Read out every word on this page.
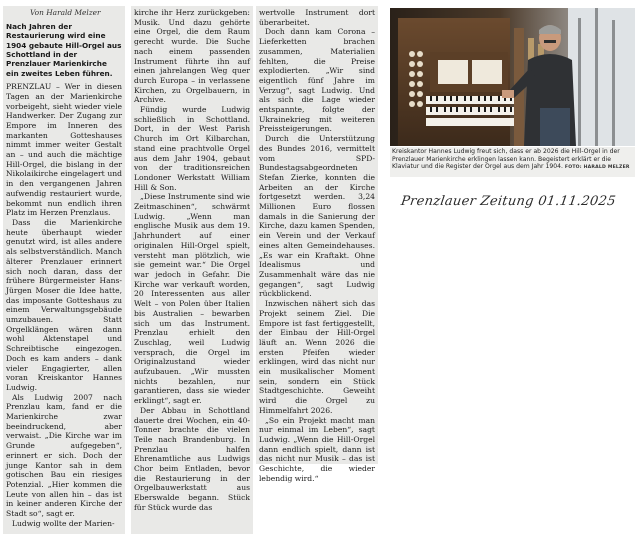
Von Harald Melzer
Nach Jahren der Restaurierung wird eine 1904 gebaute Hill-Orgel aus Schottland in der Prenzlauer Marienkirche ein zweites Leben führen.

PRENZLAU – Wer in diesen Tagen an der Marienkirche vorbeigeht, sieht wieder viele Handwerker. Der Zugang zur Empore im Inneren des markanten Gotteshauses nimmt immer weiter Gestalt an – und auch die mächtige Hill-Orgel, die bislang in der Nikolaikirche eingelagert und in den vergangenen Jahren aufwendig restauriert wurde, bekommt nun endlich ihren Platz im Herzen Prenzlaus.

Dass die Marienkirche heute überhaupt wieder genutzt wird, ist alles andere als selbstverständlich. Manch älterer Prenzlauer erinnert sich noch daran, dass der frühere Bürgermeister Hans-Jürgen Moser die Idee hatte, das imposante Gotteshaus zu einem Verwaltungsgebäude umzubauen. Statt Orgelklängen wären dann wohl Aktenstapel und Schreibtische eingezogen. Doch es kam anders – dank vieler Engagierter, allen voran Kreiskantor Hannes Ludwig.

Als Ludwig 2007 nach Prenzlau kam, fand er die Marienkirche zwar beeindruckend, aber verwaist. „Die Kirche war im Grunde aufgegeben“, erinnert er sich. Doch der junge Kantor sah in dem gotischen Bau ein riesiges Potenzial. „Hier kommen die Leute von allen hin – das ist in keiner anderen Kirche der Stadt so“, sagt er.

Ludwig wollte der Marien-

kirche ihr Herz zurückgeben: Musik. Und dazu gehörte eine Orgel, die dem Raum gerecht wurde. Die Suche nach einem passenden Instrument führte ihn auf einen jahrelangen Weg quer durch Europa – in verlassene Kirchen, zu Orgelbauern, in Archive.

Fündig wurde Ludwig schließlich in Schottland. Dort, in der West Parish Church im Ort Kilbarchan, stand eine prachtvolle Orgel aus dem Jahr 1904, gebaut von der traditionsreichen Londoner Werkstatt William Hill & Son.

„Diese Instrumente sind wie Zeitmaschinen“, schwärmt Ludwig. „Wenn man englische Musik aus dem 19. Jahrhundert auf einer originalen Hill-Orgel spielt, versteht man plötzlich, wie sie gemeint war.“ Die Orgel war jedoch in Gefahr. Die Kirche war verkauft worden, 20 Interessenten aus aller Welt – von Polen über Italien bis Australien – bewarben sich um das Instrument. Prenzlau erhielt den Zuschlag, weil Ludwig versprach, die Orgel im Originalzustand wieder aufzubauen. „Wir mussten nichts bezahlen, nur garantieren, dass sie wieder erklingt“, sagt er.

Der Abbau in Schottland dauerte drei Wochen, ein 40-Tonner brachte die vielen Teile nach Brandenburg. In Prenzlau halfen Ehrenamtliche aus Ludwigs Chor beim Entladen, bevor die Restaurierung in der Orgelbauwerkstatt aus Eberswalde begann. Stück für Stück wurde das

wertvolle Instrument dort überarbeitet.

Doch dann kam Corona – Lieferketten brachen zusammen, Materialien fehlten, die Preise explodierten. „Wir sind eigentlich fünf Jahre im Verzug“, sagt Ludwig. Und als sich die Lage wieder entspannte, folgte der Ukrainekrieg mit weiteren Preissteigerungen.

Durch die Unterstützung des Bundes 2016, vermittelt vom SPD-Bundestagsabgeordneten Stefan Zierke, konnten die Arbeiten an der Kirche fortgesetzt werden. 3,24 Millionen Euro flossen damals in die Sanierung der Kirche, dazu kamen Spenden, ein Verein und der Verkauf eines alten Gemeindehauses. „Es war ein Kraftakt. Ohne Idealismus und Zusammenhalt wäre das nie gegangen“, sagt Ludwig rückblickend.

Inzwischen nähert sich das Projekt seinem Ziel. Die Empore ist fast fertiggestellt, der Einbau der Hill-Orgel läuft an. Wenn 2026 die ersten Pfeifen wieder erklingen, wird das nicht nur ein musikalischer Moment sein, sondern ein Stück Stadtgeschichte. Geweiht wird die Orgel zu Himmelfahrt 2026.

„So ein Projekt macht man nur einmal im Leben“, sagt Ludwig. „Wenn die Hill-Orgel dann endlich spielt, dann ist das nicht nur Musik – das ist Geschichte, die wieder lebendig wird.“

Kreiskantor Hannes Ludwig freut sich, dass er ab 2026 die Hill-Orgel in der Prenzlauer Marienkirche erklingen lassen kann. Begeistert erklärt er die Klaviatur und die Register der Orgel aus dem Jahr 1904. FOTO: HARALD MELZER
Prenzlauer Zeitung 01.11.2025
